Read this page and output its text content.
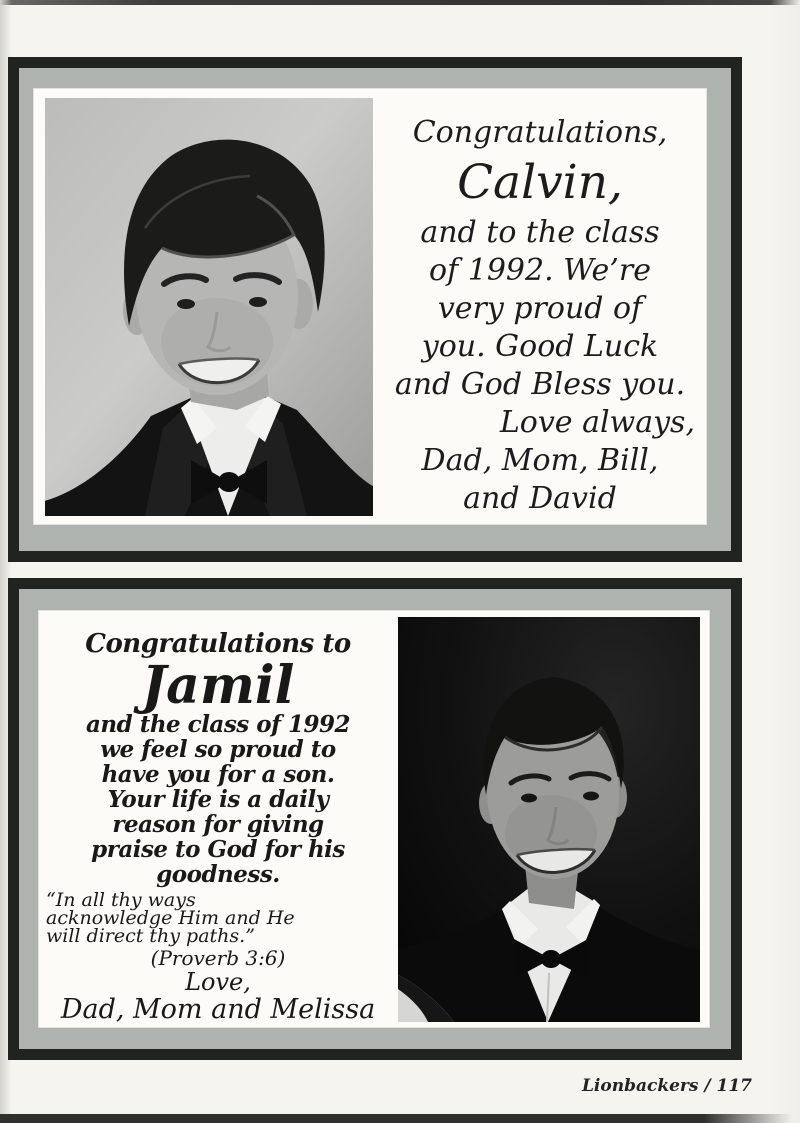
Congratulations,
Calvin,
and to the class
of 1992. We’re
very proud of
you. Good Luck
and God Bless you.
Love always,
Dad, Mom, Bill,
and David
Congratulations to
Jamil
and the class of 1992
we feel so proud to
have you for a son.
Your life is a daily
reason for giving
praise to God for his
goodness.
“In all thy ways
acknowledge Him and He
will direct thy paths.”
(Proverb 3:6)
Love,
Dad, Mom and Melissa
Lionbackers / 117
